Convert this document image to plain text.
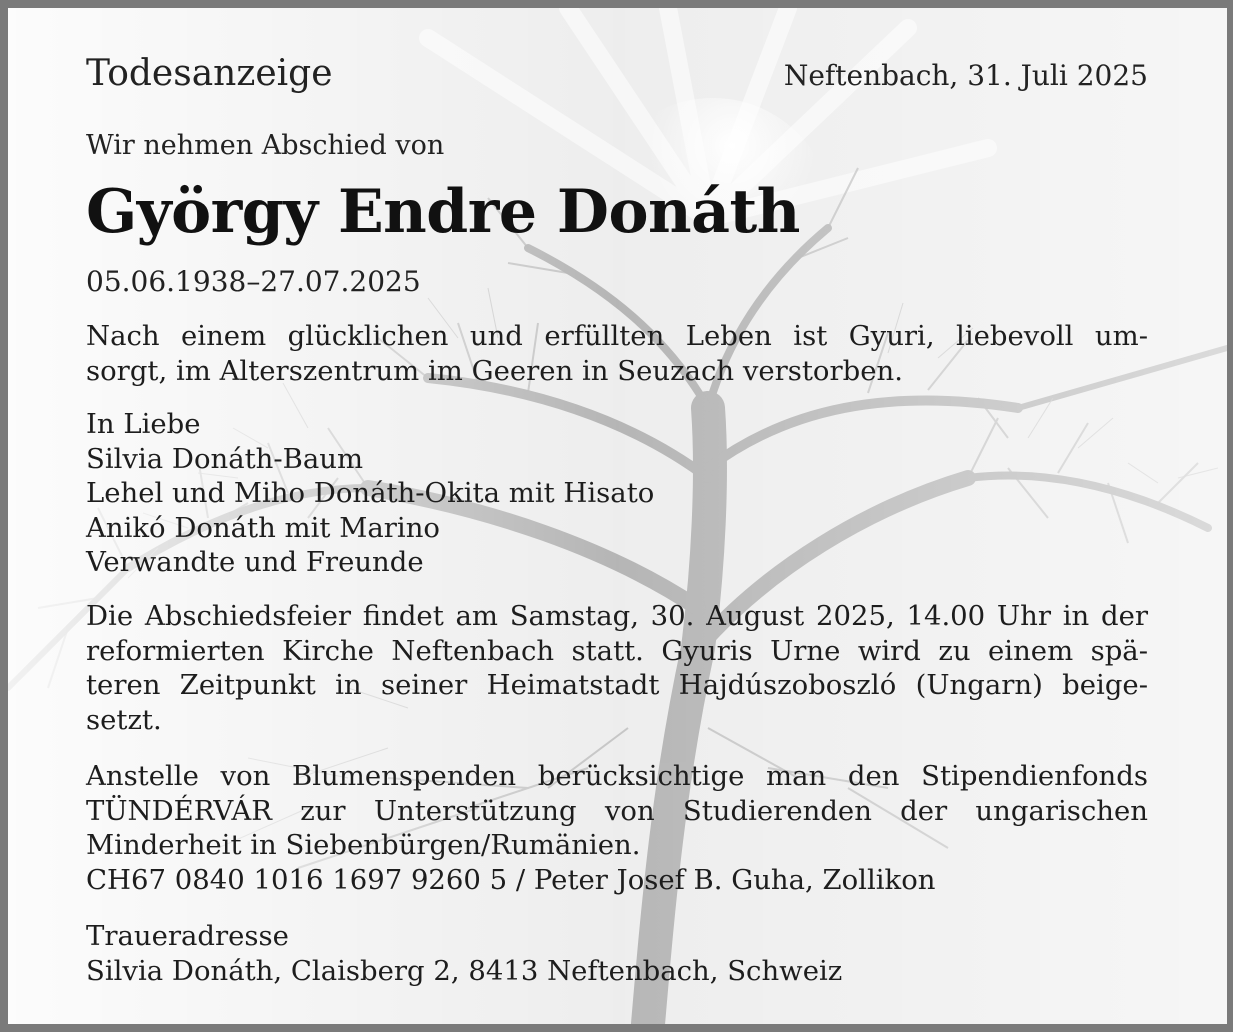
Todesanzeige	Neftenbach, 31. Juli 2025
Wir nehmen Abschied von
György Endre Donáth
05.06.1938–27.07.2025

Nach einem glücklichen und erfüllten Leben ist Gyuri, liebevoll um-
sorgt, im Alterszentrum im Geeren in Seuzach verstorben.

In Liebe
Silvia Donáth-Baum
Lehel und Miho Donáth-Okita mit Hisato
Anikó Donáth mit Marino
Verwandte und Freunde

Die Abschiedsfeier findet am Samstag, 30. August 2025, 14.00 Uhr in der
reformierten Kirche Neftenbach statt. Gyuris Urne wird zu einem spä-
teren Zeitpunkt in seiner Heimatstadt Hajdúszoboszló (Ungarn) beige-
setzt.

Anstelle von Blumenspenden berücksichtige man den Stipendienfonds
TÜNDÉRVÁR zur Unterstützung von Studierenden der ungarischen
Minderheit in Siebenbürgen/Rumänien.
CH67 0840 1016 1697 9260 5 / Peter Josef B. Guha, Zollikon

Traueradresse
Silvia Donáth, Claisberg 2, 8413 Neftenbach, Schweiz
